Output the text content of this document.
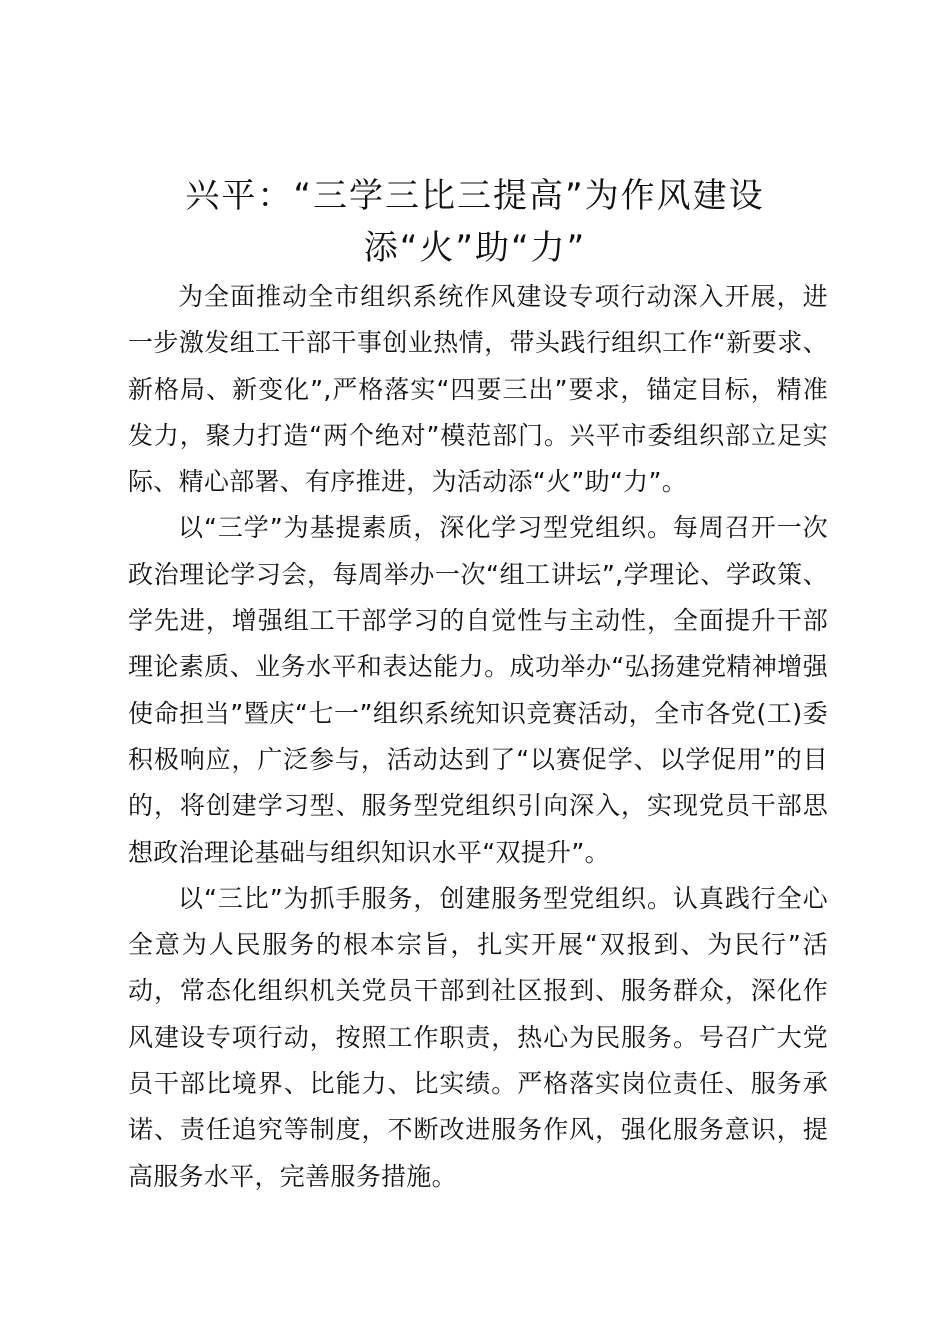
兴平：“三学三比三提高”为作风建设
添“火”助“力”

为全面推动全市组织系统作风建设专项行动深入开展，进一步激发组工干部干事创业热情，带头践行组织工作“新要求、新格局、新变化”,严格落实“四要三出”要求，锚定目标，精准发力，聚力打造“两个绝对”模范部门。兴平市委组织部立足实际、精心部署、有序推进，为活动添“火”助“力”。

以“三学”为基提素质，深化学习型党组织。每周召开一次政治理论学习会，每周举办一次“组工讲坛”,学理论、学政策、学先进，增强组工干部学习的自觉性与主动性，全面提升干部理论素质、业务水平和表达能力。成功举办“弘扬建党精神增强使命担当”暨庆“七一”组织系统知识竞赛活动，全市各党(工)委积极响应，广泛参与，活动达到了“以赛促学、以学促用”的目的，将创建学习型、服务型党组织引向深入，实现党员干部思想政治理论基础与组织知识水平“双提升”。

以“三比”为抓手服务，创建服务型党组织。认真践行全心全意为人民服务的根本宗旨，扎实开展“双报到、为民行”活动，常态化组织机关党员干部到社区报到、服务群众，深化作风建设专项行动，按照工作职责，热心为民服务。号召广大党员干部比境界、比能力、比实绩。严格落实岗位责任、服务承诺、责任追究等制度，不断改进服务作风，强化服务意识，提高服务水平，完善服务措施。
